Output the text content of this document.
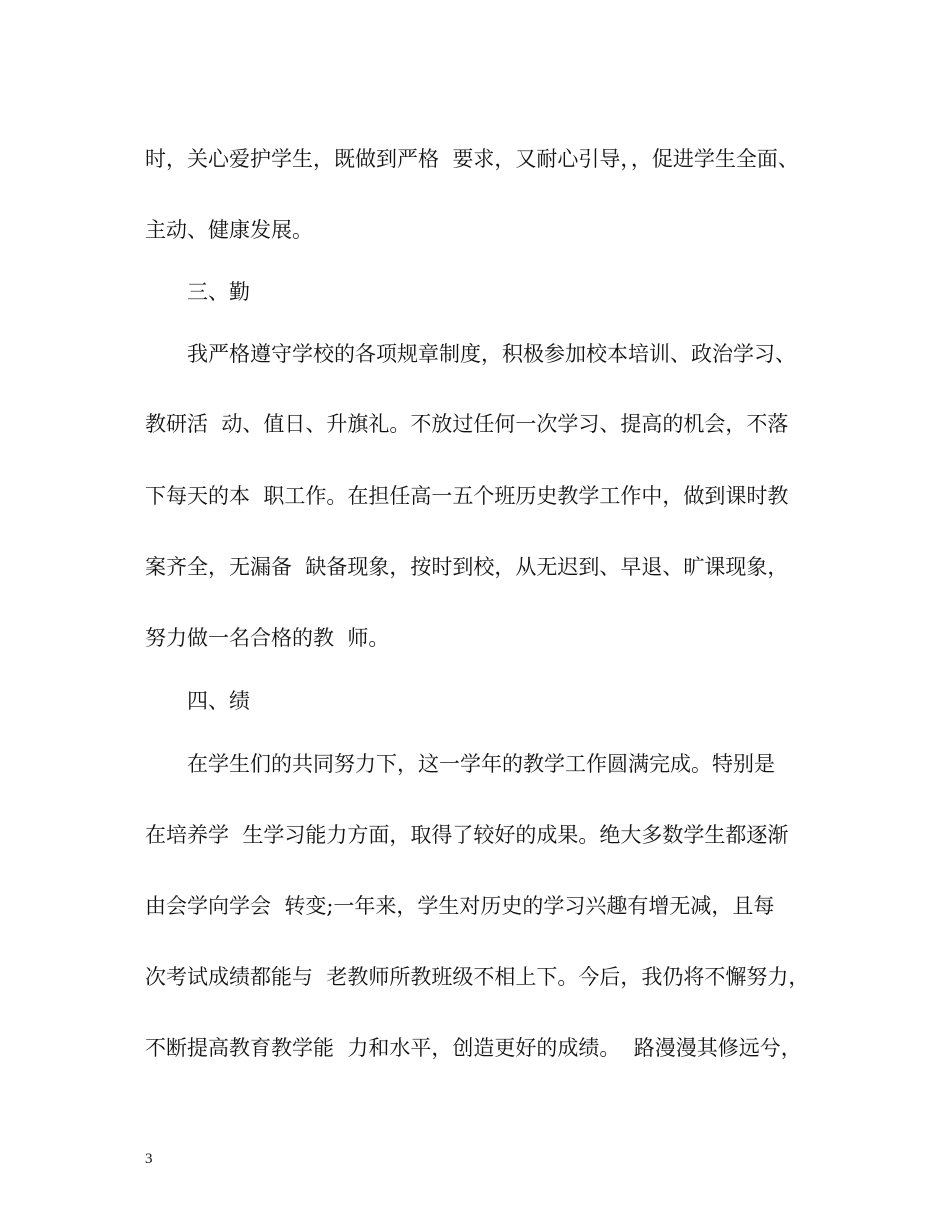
时，关心爱护学生，既做到严格  要求，又耐心引导，，促进学生全面、
主动、健康发展。
三、勤
我严格遵守学校的各项规章制度，积极参加校本培训、政治学习、
教研活  动、值日、升旗礼。不放过任何一次学习、提高的机会，不落
下每天的本  职工作。在担任高一五个班历史教学工作中，做到课时教
案齐全，无漏备  缺备现象，按时到校，从无迟到、早退、旷课现象，
努力做一名合格的教  师。
四、绩
在学生们的共同努力下，这一学年的教学工作圆满完成。特别是
在培养学  生学习能力方面，取得了较好的成果。绝大多数学生都逐渐
由会学向学会  转变;一年来，学生对历史的学习兴趣有增无减，且每
次考试成绩都能与  老教师所教班级不相上下。今后，我仍将不懈努力，
不断提高教育教学能  力和水平，创造更好的成绩。  路漫漫其修远兮，
3
